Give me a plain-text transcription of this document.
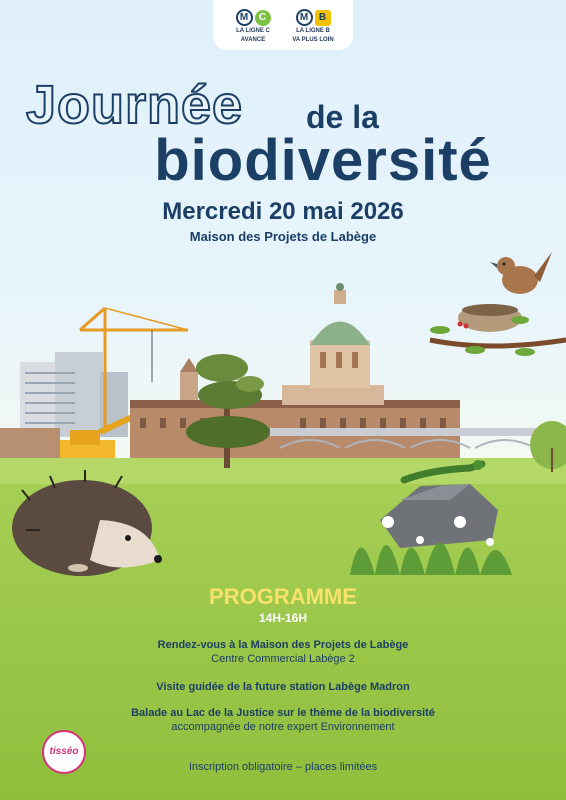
M C
LA LIGNE C
AVANCE
M B
LA LIGNE B
VA PLUS LOIN
Journée de la
biodiversité
Mercredi 20 mai 2026
Maison des Projets de Labège
PROGRAMME
14H-16H
Rendez-vous à la Maison des Projets de Labège
Centre Commercial Labège 2
Visite guidée de la future station Labège Madron
Balade au Lac de la Justice sur le thème de la biodiversité
accompagnée de notre expert Environnement
tisséo
Inscription obligatoire – places limitées
